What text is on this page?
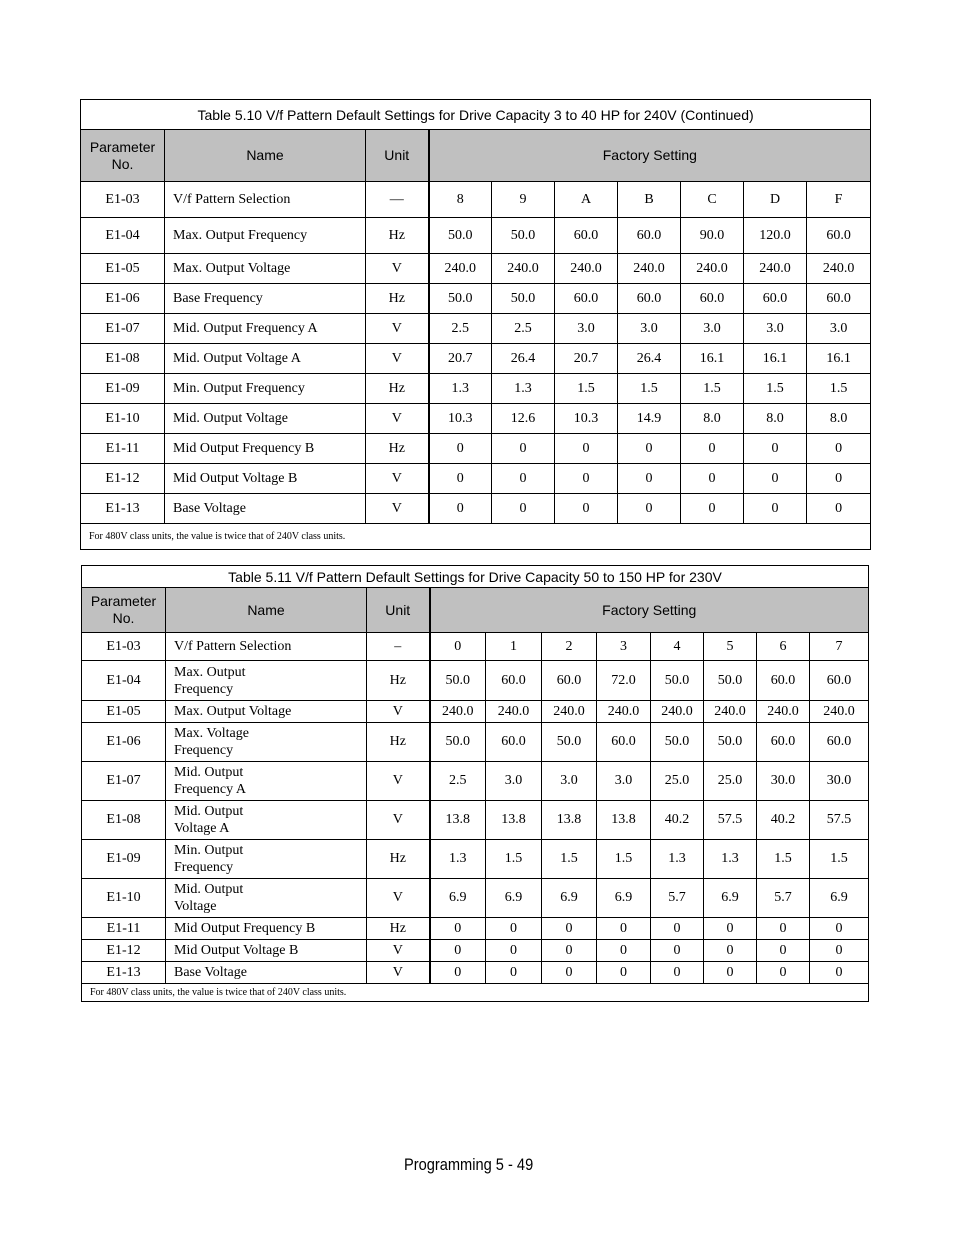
Table 5.10 V/f Pattern Default Settings for Drive Capacity 3 to 40 HP for 240V (Continued)									
Parameter
No.	Name	Unit	Factory Setting						
E1-03	V/f Pattern Selection	—	8	9	A	B	C	D	F
E1-04	Max. Output Frequency	Hz	50.0	50.0	60.0	60.0	90.0	120.0	60.0
E1-05	Max. Output Voltage	V	240.0	240.0	240.0	240.0	240.0	240.0	240.0
E1-06	Base Frequency	Hz	50.0	50.0	60.0	60.0	60.0	60.0	60.0
E1-07	Mid. Output Frequency A	V	2.5	2.5	3.0	3.0	3.0	3.0	3.0
E1-08	Mid. Output Voltage A	V	20.7	26.4	20.7	26.4	16.1	16.1	16.1
E1-09	Min. Output Frequency	Hz	1.3	1.3	1.5	1.5	1.5	1.5	1.5
E1-10	Mid. Output Voltage	V	10.3	12.6	10.3	14.9	8.0	8.0	8.0
E1-11	Mid Output Frequency B	Hz	0	0	0	0	0	0	0
E1-12	Mid Output Voltage B	V	0	0	0	0	0	0	0
E1-13	Base Voltage	V	0	0	0	0	0	0	0
For 480V class units, the value is twice that of 240V class units.									
Table 5.11 V/f Pattern Default Settings for Drive Capacity 50 to 150 HP for 230V										
Parameter
No.	Name	Unit	Factory Setting							
E1-03	V/f Pattern Selection	–	0	1	2	3	4	5	6	7
E1-04	Max. Output
Frequency	Hz	50.0	60.0	60.0	72.0	50.0	50.0	60.0	60.0
E1-05	Max. Output Voltage	V	240.0	240.0	240.0	240.0	240.0	240.0	240.0	240.0
E1-06	Max. Voltage
Frequency	Hz	50.0	60.0	50.0	60.0	50.0	50.0	60.0	60.0
E1-07	Mid. Output
Frequency A	V	2.5	3.0	3.0	3.0	25.0	25.0	30.0	30.0
E1-08	Mid. Output
Voltage A	V	13.8	13.8	13.8	13.8	40.2	57.5	40.2	57.5
E1-09	Min. Output
Frequency	Hz	1.3	1.5	1.5	1.5	1.3	1.3	1.5	1.5
E1-10	Mid. Output
Voltage	V	6.9	6.9	6.9	6.9	5.7	6.9	5.7	6.9
E1-11	Mid Output Frequency B	Hz	0	0	0	0	0	0	0	0
E1-12	Mid Output Voltage B	V	0	0	0	0	0	0	0	0
E1-13	Base Voltage	V	0	0	0	0	0	0	0	0
For 480V class units, the value is twice that of 240V class units.										
Programming 5 - 49
